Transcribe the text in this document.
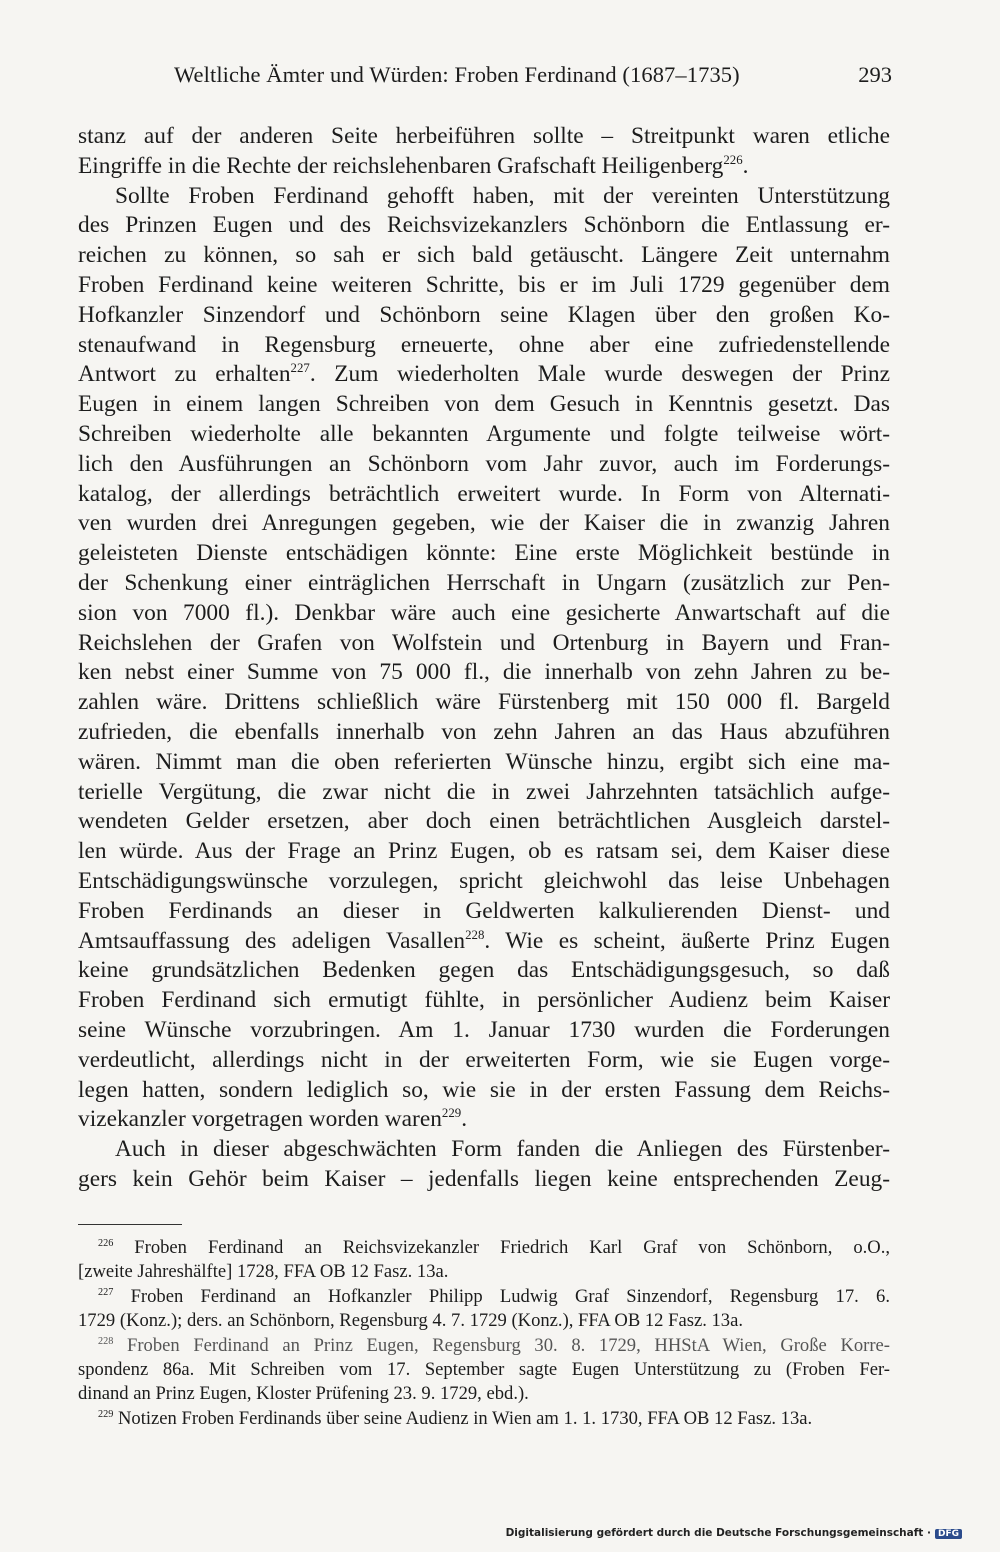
Weltliche Ämter und Würden: Froben Ferdinand (1687–1735)	293
stanz auf der anderen Seite herbeiführen sollte – Streitpunkt waren etliche
Eingriffe in die Rechte der reichslehenbaren Grafschaft Heiligenberg$^{226}$.
Sollte Froben Ferdinand gehofft haben, mit der vereinten Unterstützung
des Prinzen Eugen und des Reichsvizekanzlers Schönborn die Entlassung er-
reichen zu können, so sah er sich bald getäuscht. Längere Zeit unternahm
Froben Ferdinand keine weiteren Schritte, bis er im Juli 1729 gegenüber dem
Hofkanzler Sinzendorf und Schönborn seine Klagen über den großen Ko-
stenaufwand in Regensburg erneuerte, ohne aber eine zufriedenstellende
Antwort zu erhalten$^{227}$. Zum wiederholten Male wurde deswegen der Prinz
Eugen in einem langen Schreiben von dem Gesuch in Kenntnis gesetzt. Das
Schreiben wiederholte alle bekannten Argumente und folgte teilweise wört-
lich den Ausführungen an Schönborn vom Jahr zuvor, auch im Forderungs-
katalog, der allerdings beträchtlich erweitert wurde. In Form von Alternati-
ven wurden drei Anregungen gegeben, wie der Kaiser die in zwanzig Jahren
geleisteten Dienste entschädigen könnte: Eine erste Möglichkeit bestünde in
der Schenkung einer einträglichen Herrschaft in Ungarn (zusätzlich zur Pen-
sion von 7000 fl.). Denkbar wäre auch eine gesicherte Anwartschaft auf die
Reichslehen der Grafen von Wolfstein und Ortenburg in Bayern und Fran-
ken nebst einer Summe von 75 000 fl., die innerhalb von zehn Jahren zu be-
zahlen wäre. Drittens schließlich wäre Fürstenberg mit 150 000 fl. Bargeld
zufrieden, die ebenfalls innerhalb von zehn Jahren an das Haus abzuführen
wären. Nimmt man die oben referierten Wünsche hinzu, ergibt sich eine ma-
terielle Vergütung, die zwar nicht die in zwei Jahrzehnten tatsächlich aufge-
wendeten Gelder ersetzen, aber doch einen beträchtlichen Ausgleich darstel-
len würde. Aus der Frage an Prinz Eugen, ob es ratsam sei, dem Kaiser diese
Entschädigungswünsche vorzulegen, spricht gleichwohl das leise Unbehagen
Froben Ferdinands an dieser in Geldwerten kalkulierenden Dienst- und
Amtsauffassung des adeligen Vasallen$^{228}$. Wie es scheint, äußerte Prinz Eugen
keine grundsätzlichen Bedenken gegen das Entschädigungsgesuch, so daß
Froben Ferdinand sich ermutigt fühlte, in persönlicher Audienz beim Kaiser
seine Wünsche vorzubringen. Am 1. Januar 1730 wurden die Forderungen
verdeutlicht, allerdings nicht in der erweiterten Form, wie sie Eugen vorge-
legen hatten, sondern lediglich so, wie sie in der ersten Fassung dem Reichs-
vizekanzler vorgetragen worden waren$^{229}$.
Auch in dieser abgeschwächten Form fanden die Anliegen des Fürstenber-
gers kein Gehör beim Kaiser – jedenfalls liegen keine entsprechenden Zeug-
$^{226}$ Froben Ferdinand an Reichsvizekanzler Friedrich Karl Graf von Schönborn, o.O.,
[zweite Jahreshälfte] 1728, FFA OB 12 Fasz. 13a.
$^{227}$ Froben Ferdinand an Hofkanzler Philipp Ludwig Graf Sinzendorf, Regensburg 17. 6.
1729 (Konz.); ders. an Schönborn, Regensburg 4. 7. 1729 (Konz.), FFA OB 12 Fasz. 13a.
$^{228}$ Froben Ferdinand an Prinz Eugen, Regensburg 30. 8. 1729, HHStA Wien, Große Korre-
spondenz 86a. Mit Schreiben vom 17. September sagte Eugen Unterstützung zu (Froben Fer-
dinand an Prinz Eugen, Kloster Prüfening 23. 9. 1729, ebd.).
$^{229}$ Notizen Froben Ferdinands über seine Audienz in Wien am 1. 1. 1730, FFA OB 12 Fasz. 13a.
Digitalisierung gefördert durch die Deutsche Forschungsgemeinschaft · DFG
